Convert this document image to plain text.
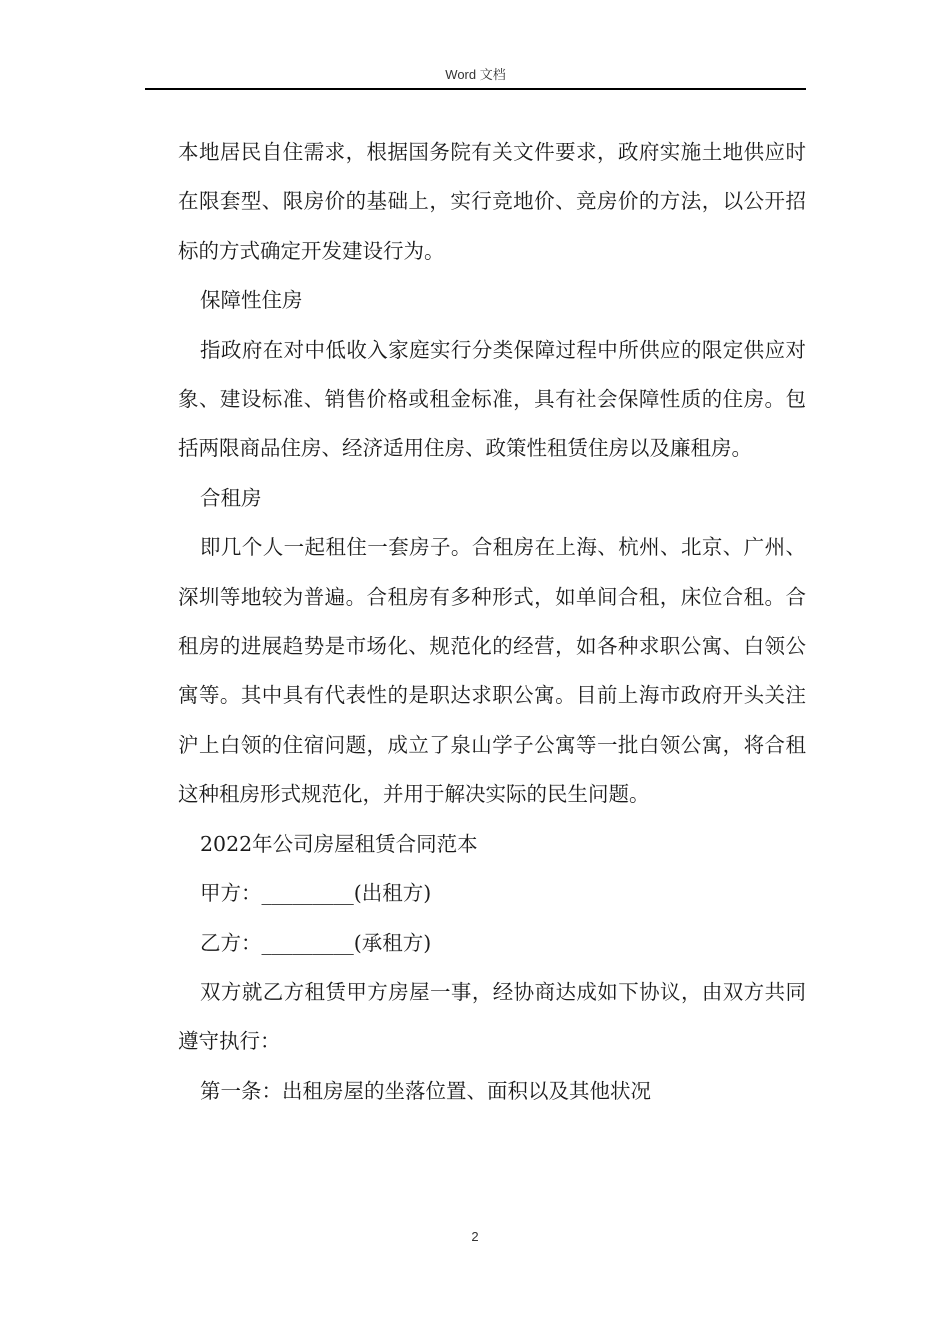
Word 文档

本地居民自住需求，根据国务院有关文件要求，政府实施土地供应时在限套型、限房价的基础上，实行竞地价、竞房价的方法，以公开招标的方式确定开发建设行为。

保障性住房

指政府在对中低收入家庭实行分类保障过程中所供应的限定供应对象、建设标准、销售价格或租金标准，具有社会保障性质的住房。包括两限商品住房、经济适用住房、政策性租赁住房以及廉租房。

合租房

即几个人一起租住一套房子。合租房在上海、杭州、北京、广州、深圳等地较为普遍。合租房有多种形式，如单间合租，床位合租。合租房的进展趋势是市场化、规范化的经营，如各种求职公寓、白领公寓等。其中具有代表性的是职达求职公寓。目前上海市政府开头关注沪上白领的住宿问题，成立了泉山学子公寓等一批白领公寓，将合租这种租房形式规范化，并用于解决实际的民生问题。

2022年公司房屋租赁合同范本

甲方：_________(出租方)

乙方：_________(承租方)

双方就乙方租赁甲方房屋一事，经协商达成如下协议，由双方共同遵守执行：

第一条：出租房屋的坐落位置、面积以及其他状况

2
